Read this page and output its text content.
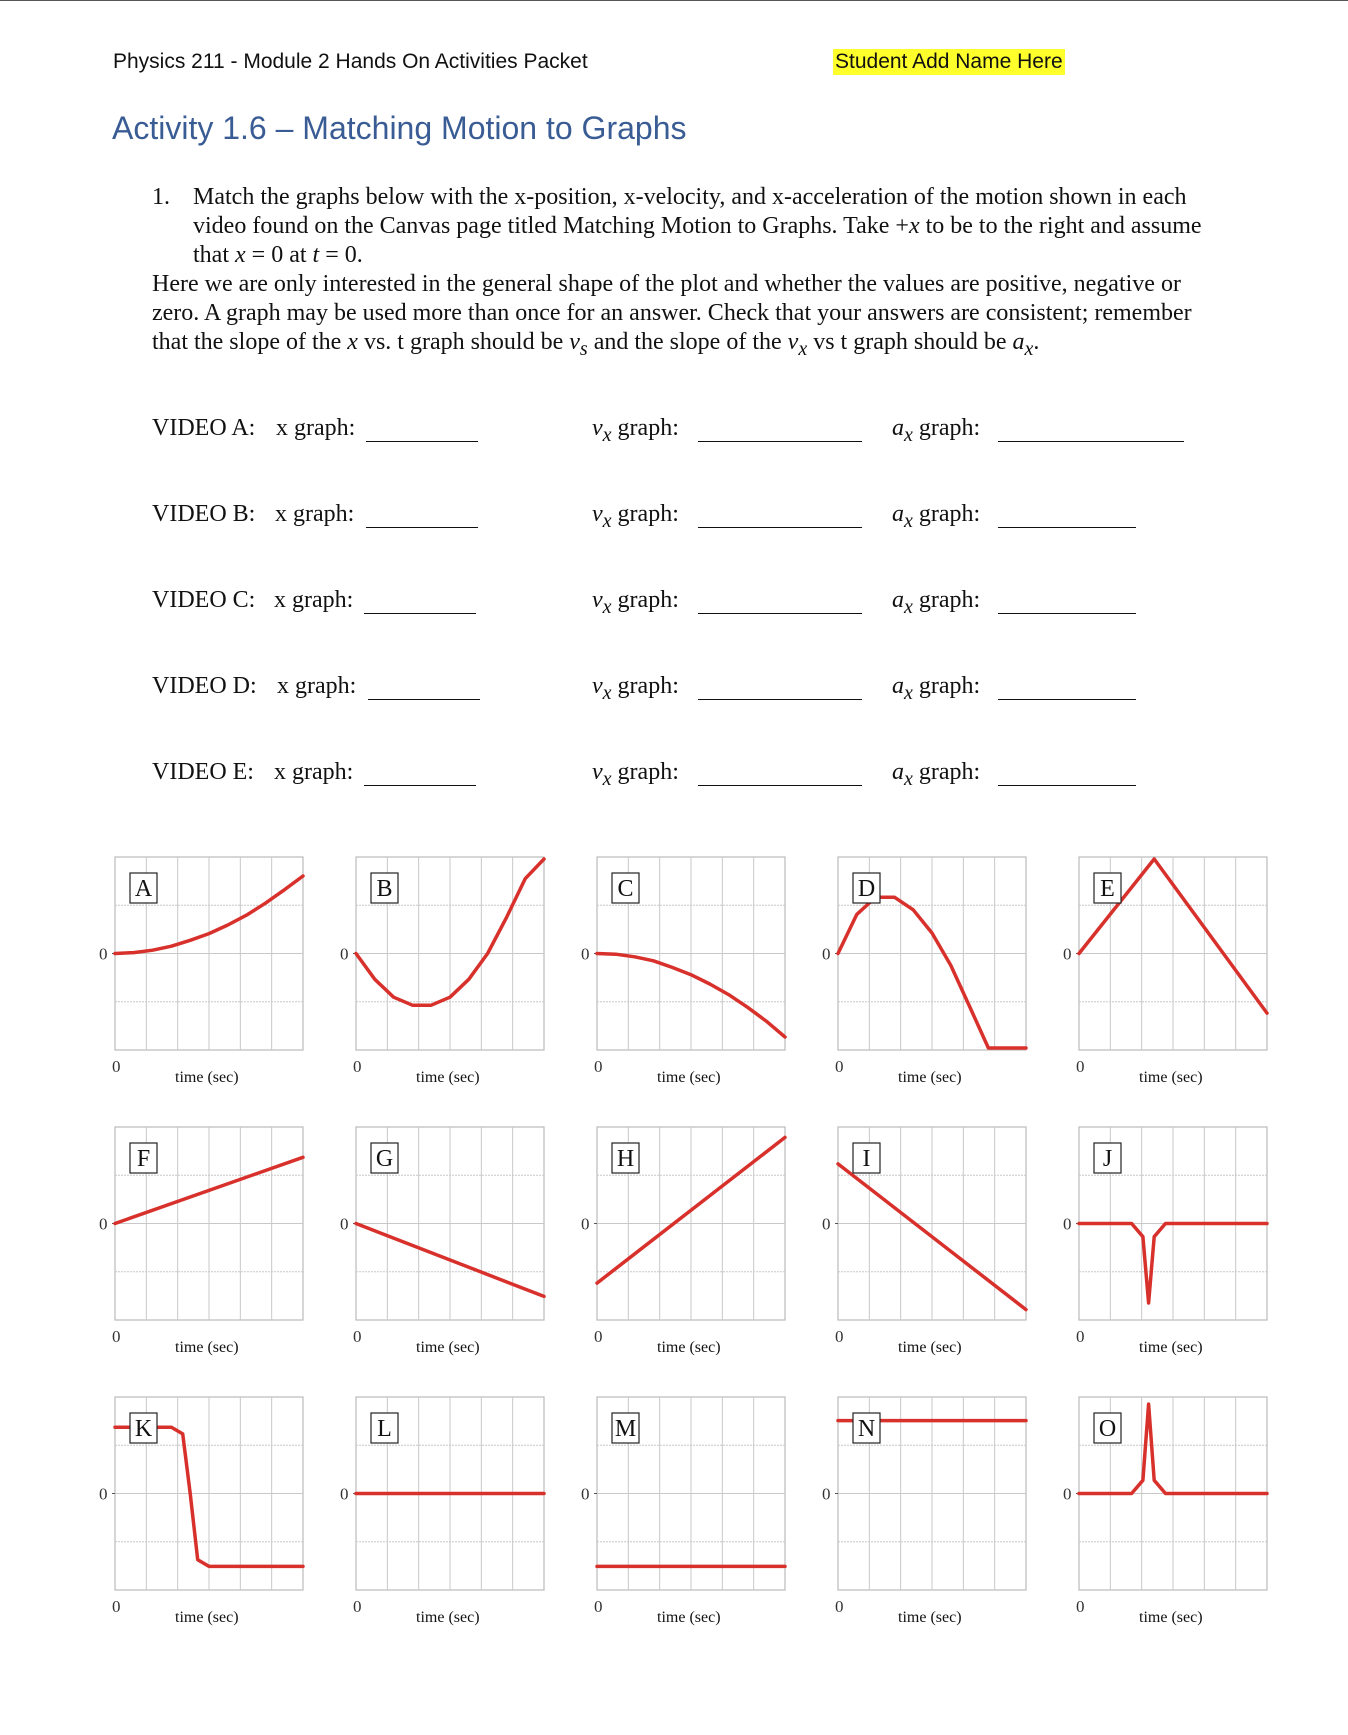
Physics 211 - Module 2 Hands On Activities Packet	Student Add Name Here
Activity 1.6 – Matching Motion to Graphs
1. Match the graphs below with the x-position, x-velocity, and x-acceleration of the motion shown in each video found on the Canvas page titled Matching Motion to Graphs. Take +x to be to the right and assume that x = 0 at t = 0.
Here we are only interested in the general shape of the plot and whether the values are positive, negative or zero. A graph may be used more than once for an answer. Check that your answers are consistent; remember that the slope of the x vs. t graph should be $v_s$ and the slope of the $v_x$ vs t graph should be $a_x$.
VIDEO A: x graph:	$v_x$ graph:	$a_x$ graph:
VIDEO B: x graph:	$v_x$ graph:	$a_x$ graph:
VIDEO C: x graph:	$v_x$ graph:	$a_x$ graph:
VIDEO D: x graph:	$v_x$ graph:	$a_x$ graph:
VIDEO E: x graph:	$v_x$ graph:	$a_x$ graph:
0
0
time (sec)
A
0
0
time (sec)
B
0
0
time (sec)
C
0
0
time (sec)
D
0
0
time (sec)
E
0
0
time (sec)
F
0
0
time (sec)
G
0
0
time (sec)
H
0
0
time (sec)
I
0
0
time (sec)
J
0
0
time (sec)
K
0
0
time (sec)
L
0
0
time (sec)
M
0
0
time (sec)
N
0
0
time (sec)
O
